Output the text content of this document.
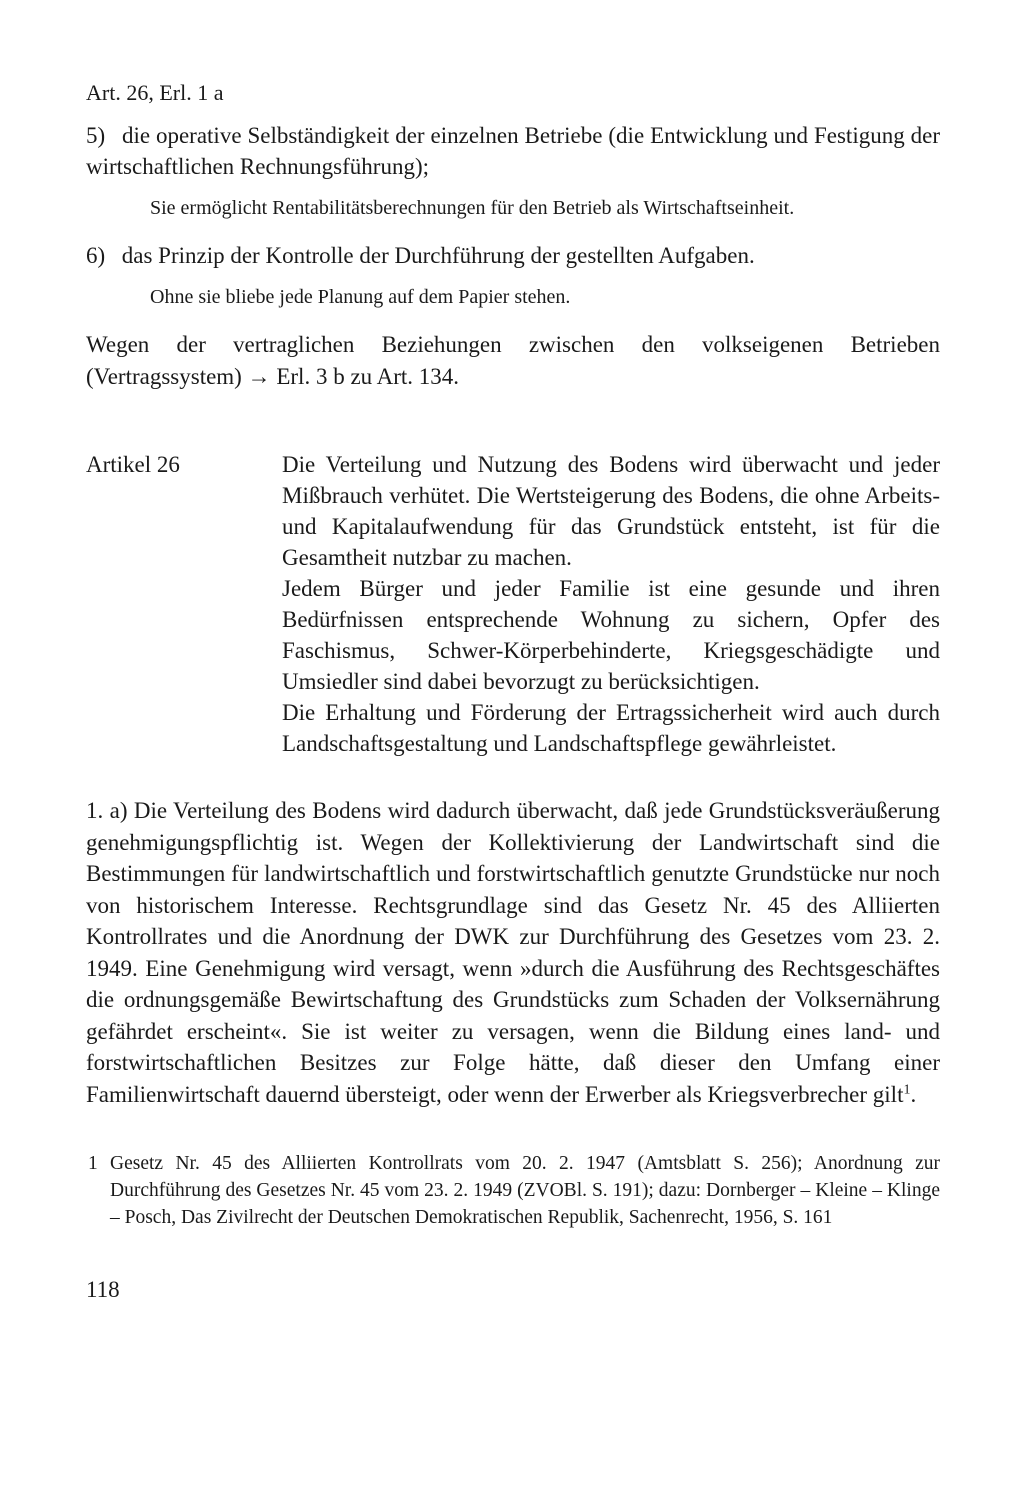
Art. 26, Erl. 1 a
5) die operative Selbständigkeit der einzelnen Betriebe (die Entwicklung und Festigung der wirtschaftlichen Rechnungsführung);
Sie ermöglicht Rentabilitätsberechnungen für den Betrieb als Wirtschaftseinheit.
6) das Prinzip der Kontrolle der Durchführung der gestellten Aufgaben.
Ohne sie bliebe jede Planung auf dem Papier stehen.
Wegen der vertraglichen Beziehungen zwischen den volkseigenen Betrieben (Vertragssystem) → Erl. 3 b zu Art. 134.
Artikel 26	Die Verteilung und Nutzung des Bodens wird überwacht und jeder Mißbrauch verhütet. Die Wertsteigerung des Bodens, die ohne Arbeits- und Kapitalaufwendung für das Grundstück entsteht, ist für die Gesamtheit nutzbar zu machen.

Jedem Bürger und jeder Familie ist eine gesunde und ihren Bedürfnissen entsprechende Wohnung zu sichern, Opfer des Faschismus, Schwer-Körperbehinderte, Kriegsgeschädigte und Umsiedler sind dabei bevorzugt zu berücksichtigen.

Die Erhaltung und Förderung der Ertragssicherheit wird auch durch Landschaftsgestaltung und Landschaftspflege gewährleistet.

1. a) Die Verteilung des Bodens wird dadurch überwacht, daß jede Grundstücksveräußerung genehmigungspflichtig ist. Wegen der Kollektivierung der Landwirtschaft sind die Bestimmungen für landwirtschaftlich und forstwirtschaftlich genutzte Grundstücke nur noch von historischem Interesse. Rechtsgrundlage sind das Gesetz Nr. 45 des Alliierten Kontrollrates und die Anordnung der DWK zur Durchführung des Gesetzes vom 23. 2. 1949. Eine Genehmigung wird versagt, wenn »durch die Ausführung des Rechtsgeschäftes die ordnungsgemäße Bewirtschaftung des Grundstücks zum Schaden der Volksernährung gefährdet erscheint«. Sie ist weiter zu versagen, wenn die Bildung eines land- und forstwirtschaftlichen Besitzes zur Folge hätte, daß dieser den Umfang einer Familienwirtschaft dauernd übersteigt, oder wenn der Erwerber als Kriegsverbrecher gilt$^1$.
1 Gesetz Nr. 45 des Alliierten Kontrollrats vom 20. 2. 1947 (Amtsblatt S. 256); Anordnung zur Durchführung des Gesetzes Nr. 45 vom 23. 2. 1949 (ZVOBl. S. 191); dazu: Dornberger – Kleine – Klinge – Posch, Das Zivilrecht der Deutschen Demokratischen Republik, Sachenrecht, 1956, S. 161
118
